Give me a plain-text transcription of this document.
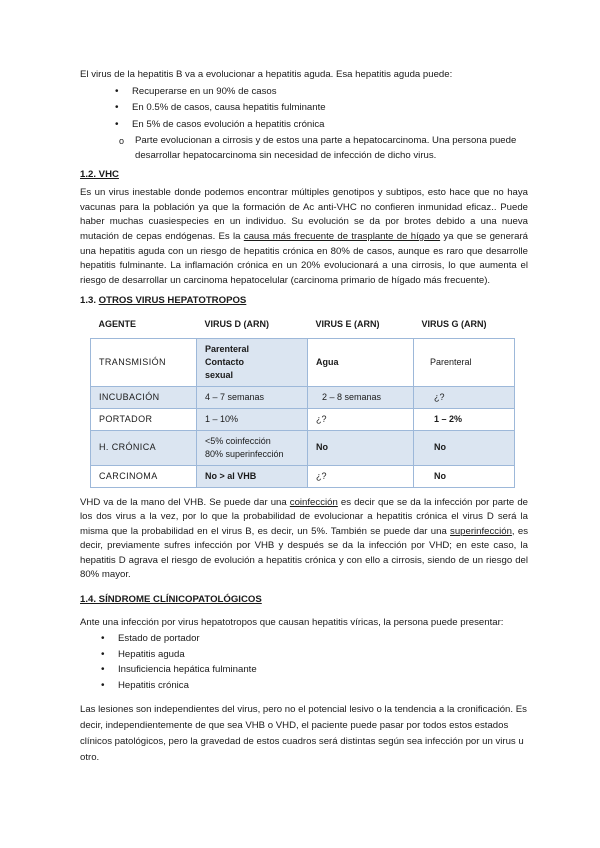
El virus de la hepatitis B va a evolucionar a hepatitis aguda. Esa hepatitis aguda puede:

• Recuperarse en un 90% de casos
• En 0.5% de casos, causa hepatitis fulminante
• En 5% de casos evolución a hepatitis crónica
o Parte evolucionan a cirrosis y de estos una parte a hepatocarcinoma. Una persona puede desarrollar hepatocarcinoma sin necesidad de infección de dicho virus.
1.2. VHC

Es un virus inestable donde podemos encontrar múltiples genotipos y subtipos, esto hace que no haya vacunas para la población ya que la formación de Ac anti-VHC no confieren inmunidad eficaz.. Puede haber muchas cuasiespecies en un individuo. Su evolución se da por brotes debido a una nueva mutación de cepas endógenas. Es la causa más frecuente de trasplante de hígado ya que se generará una hepatitis aguda con un riesgo de hepatitis crónica en 80% de casos, aunque es raro que desarrolle hepatitis fulminante. La inflamación crónica en un 20% evolucionará a una cirrosis, lo que aumenta el riesgo de desarrollar un carcinoma hepatocelular (carcinoma primario de hígado más frecuente).

1.3. OTROS VIRUS HEPATOTROPOS
AGENTE	VIRUS D (ARN)	VIRUS E (ARN)	VIRUS G (ARN)
TRANSMISIÓN	Parenteral
Contacto
sexual	Agua	Parenteral
INCUBACIÓN	4 – 7 semanas	2 – 8 semanas	¿?
PORTADOR	1 – 10%	¿?	1 – 2%
H. CRÓNICA	<5% coinfección
80% superinfección	No	No
CARCINOMA	No > al VHB	¿?	No

VHD va de la mano del VHB. Se puede dar una coinfección es decir que se da la infección por parte de los dos virus a la vez, por lo que la probabilidad de evolucionar a hepatitis crónica el virus D será la misma que la probabilidad en el virus B, es decir, un 5%. También se puede dar una superinfección, es decir, previamente sufres infección por VHB y después se da la infección por VHD; en este caso, la hepatitis D agrava el riesgo de evolución a hepatitis crónica y con ello a cirrosis, siendo de un riesgo del 80% mayor.

1.4. SÍNDROME CLÍNICOPATOLÓGICOS

Ante una infección por virus hepatotropos que causan hepatitis víricas, la persona puede presentar:

• Estado de portador
• Hepatitis aguda
• Insuficiencia hepática fulminante
• Hepatitis crónica

Las lesiones son independientes del virus, pero no el potencial lesivo o la tendencia a la cronificación. Es decir, independientemente de que sea VHB o VHD, el paciente puede pasar por todos estos estados clínicos patológicos, pero la gravedad de estos cuadros será distintas según sea infección por un virus u otro.
